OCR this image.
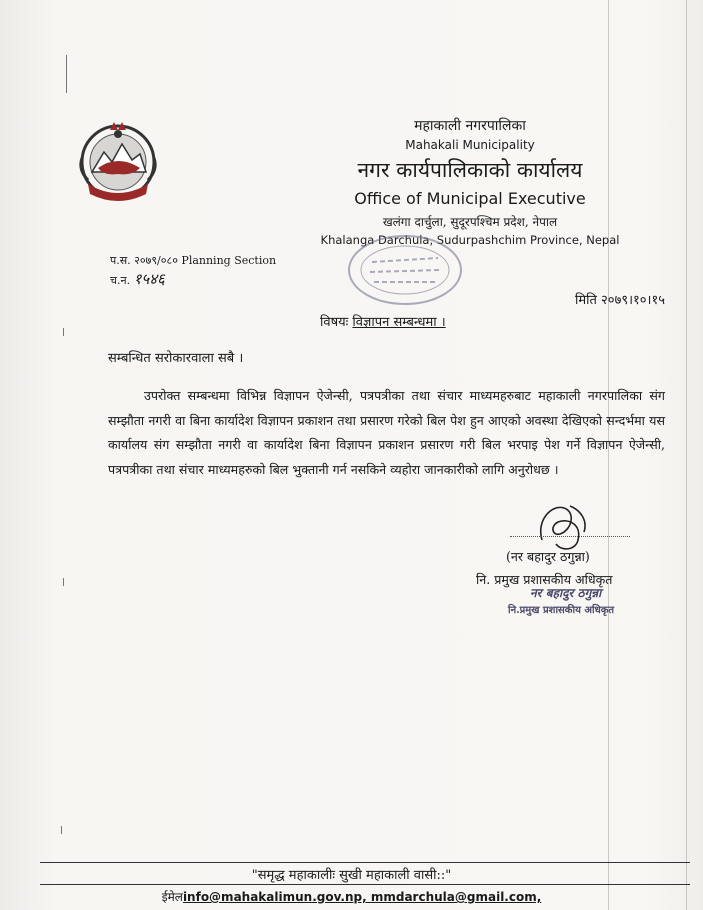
महाकाली नगरपालिका
Mahakali Municipality
नगर कार्यपालिकाको कार्यालय
Office of Municipal Executive
खलंगा दार्चुला, सुदूरपश्चिम प्रदेश, नेपाल
Khalanga Darchula, Sudurpashchim Province, Nepal
प.स. २०७९/०८० Planning Section
च.न. १५४६
मिति २०७९।१०।१५
विषयः विज्ञापन सम्बन्धमा ।
सम्बन्धित सरोकारवाला सबै ।

उपरोक्त सम्बन्धमा विभिन्न विज्ञापन ऐजेन्सी, पत्रपत्रीका तथा संचार माध्यमहरुबाट महाकाली नगरपालिका संग सम्झौता नगरी वा बिना कार्यादेश विज्ञापन प्रकाशन तथा प्रसारण गरेको बिल पेश हुन आएको अवस्था देखिएको सन्दर्भमा यस कार्यालय संग सम्झौता नगरी वा कार्यादेश बिना विज्ञापन प्रकाशन प्रसारण गरी बिल भरपाइ पेश गर्ने विज्ञापन ऐजेन्सी, पत्रपत्रीका तथा संचार माध्यमहरुको बिल भुक्तानी गर्न नसकिने व्यहोरा जानकारीको लागि अनुरोधछ ।

(नर बहादुर ठगुन्ना)
नि. प्रमुख प्रशासकीय अधिकृत
नर बहादुर ठगुन्ना
नि.प्रमुख प्रशासकीय अधिकृत
"समृद्ध महाकालीः सुखी महाकाली वासी::"
ईमेलinfo@mahakalimun.gov.np, mmdarchula@gmail.com,
